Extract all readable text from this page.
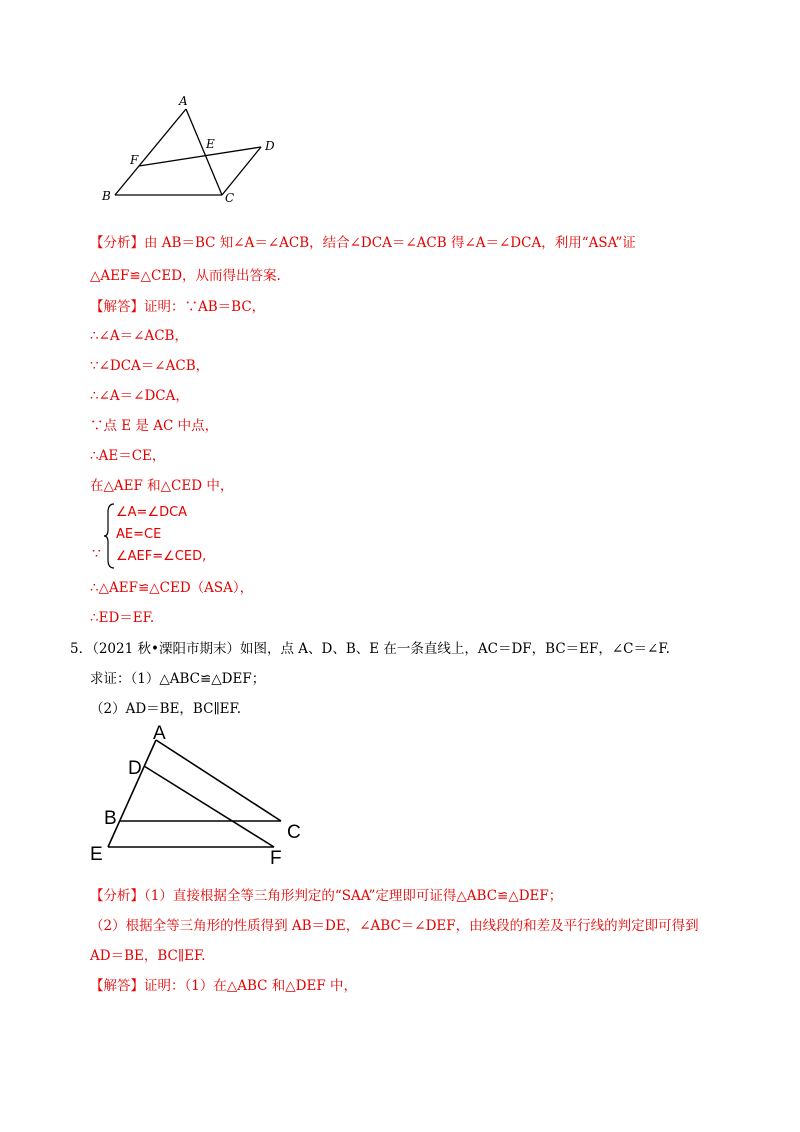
A
E	D
F
B	C
【分析】由 AB＝BC 知∠A＝∠ACB，结合∠DCA＝∠ACB 得∠A＝∠DCA，利用“ASA”证
△AEF≌△CED，从而得出答案.
【解答】证明：∵AB＝BC，
∴∠A＝∠ACB，
∵∠DCA＝∠ACB，
∴∠A＝∠DCA，
∵点 E 是 AC 中点，
∴AE＝CE，
在△AEF 和△CED 中，
∵
∠A=∠DCA
AE=CE
∠AEF=∠CED,
∴△AEF≌△CED（ASA），
∴ED＝EF.
5．（2021 秋•溧阳市期末）如图，点 A、D、B、E 在一条直线上，AC＝DF，BC＝EF，∠C＝∠F.
求证：（1）△ABC≌△DEF；
（2）AD＝BE，BC∥EF.
A
D
B
C
E	F
【分析】（1）直接根据全等三角形判定的“SAA”定理即可证得△ABC≌△DEF；
（2）根据全等三角形的性质得到 AB＝DE，∠ABC＝∠DEF，由线段的和差及平行线的判定即可得到
AD＝BE，BC∥EF.
【解答】证明：（1）在△ABC 和△DEF 中，
